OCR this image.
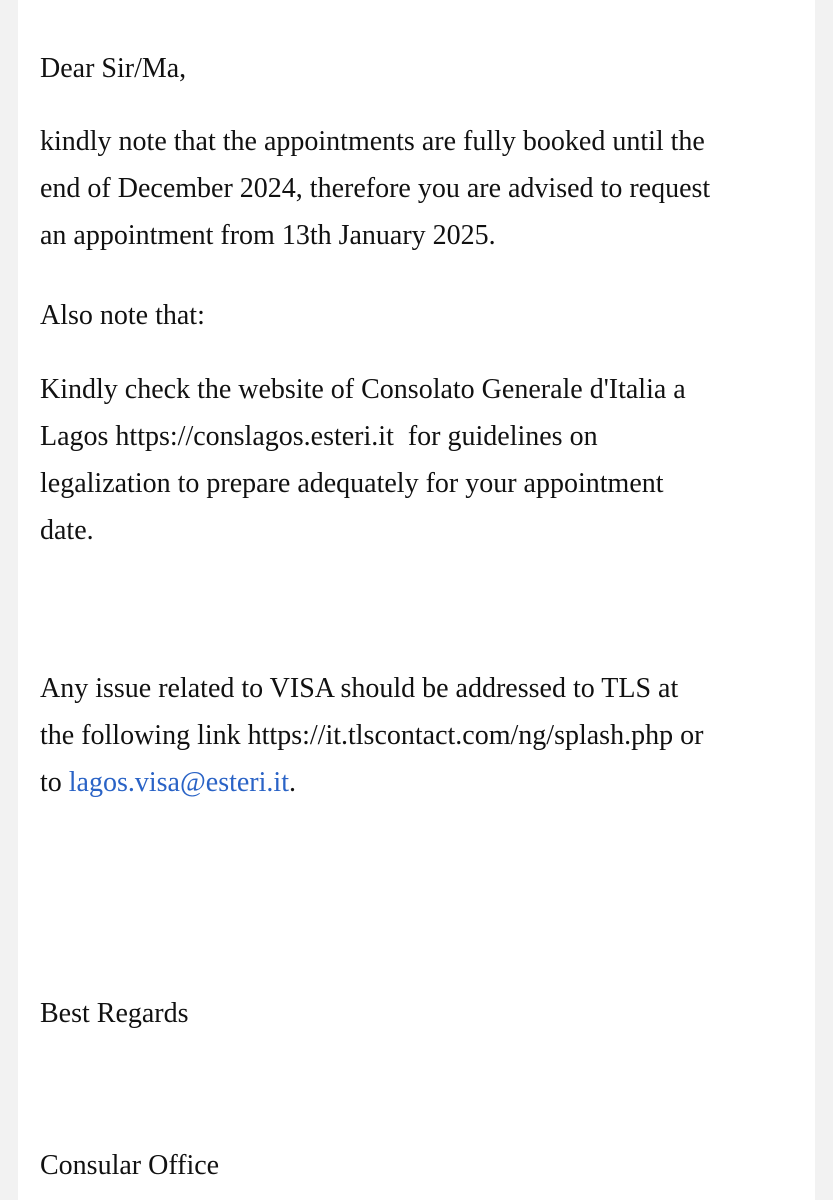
Dear Sir/Ma,

kindly note that the appointments are fully booked until the
end of December 2024, therefore you are advised to request
an appointment from 13th January 2025.

Also note that:

Kindly check the website of Consolato Generale d'Italia a
Lagos https://conslagos.esteri.it  for guidelines on
legalization to prepare adequately for your appointment
date.

Any issue related to VISA should be addressed to TLS at
the following link https://it.tlscontact.com/ng/splash.php or
to lagos.visa@esteri.it.

Best Regards

Consular Office
